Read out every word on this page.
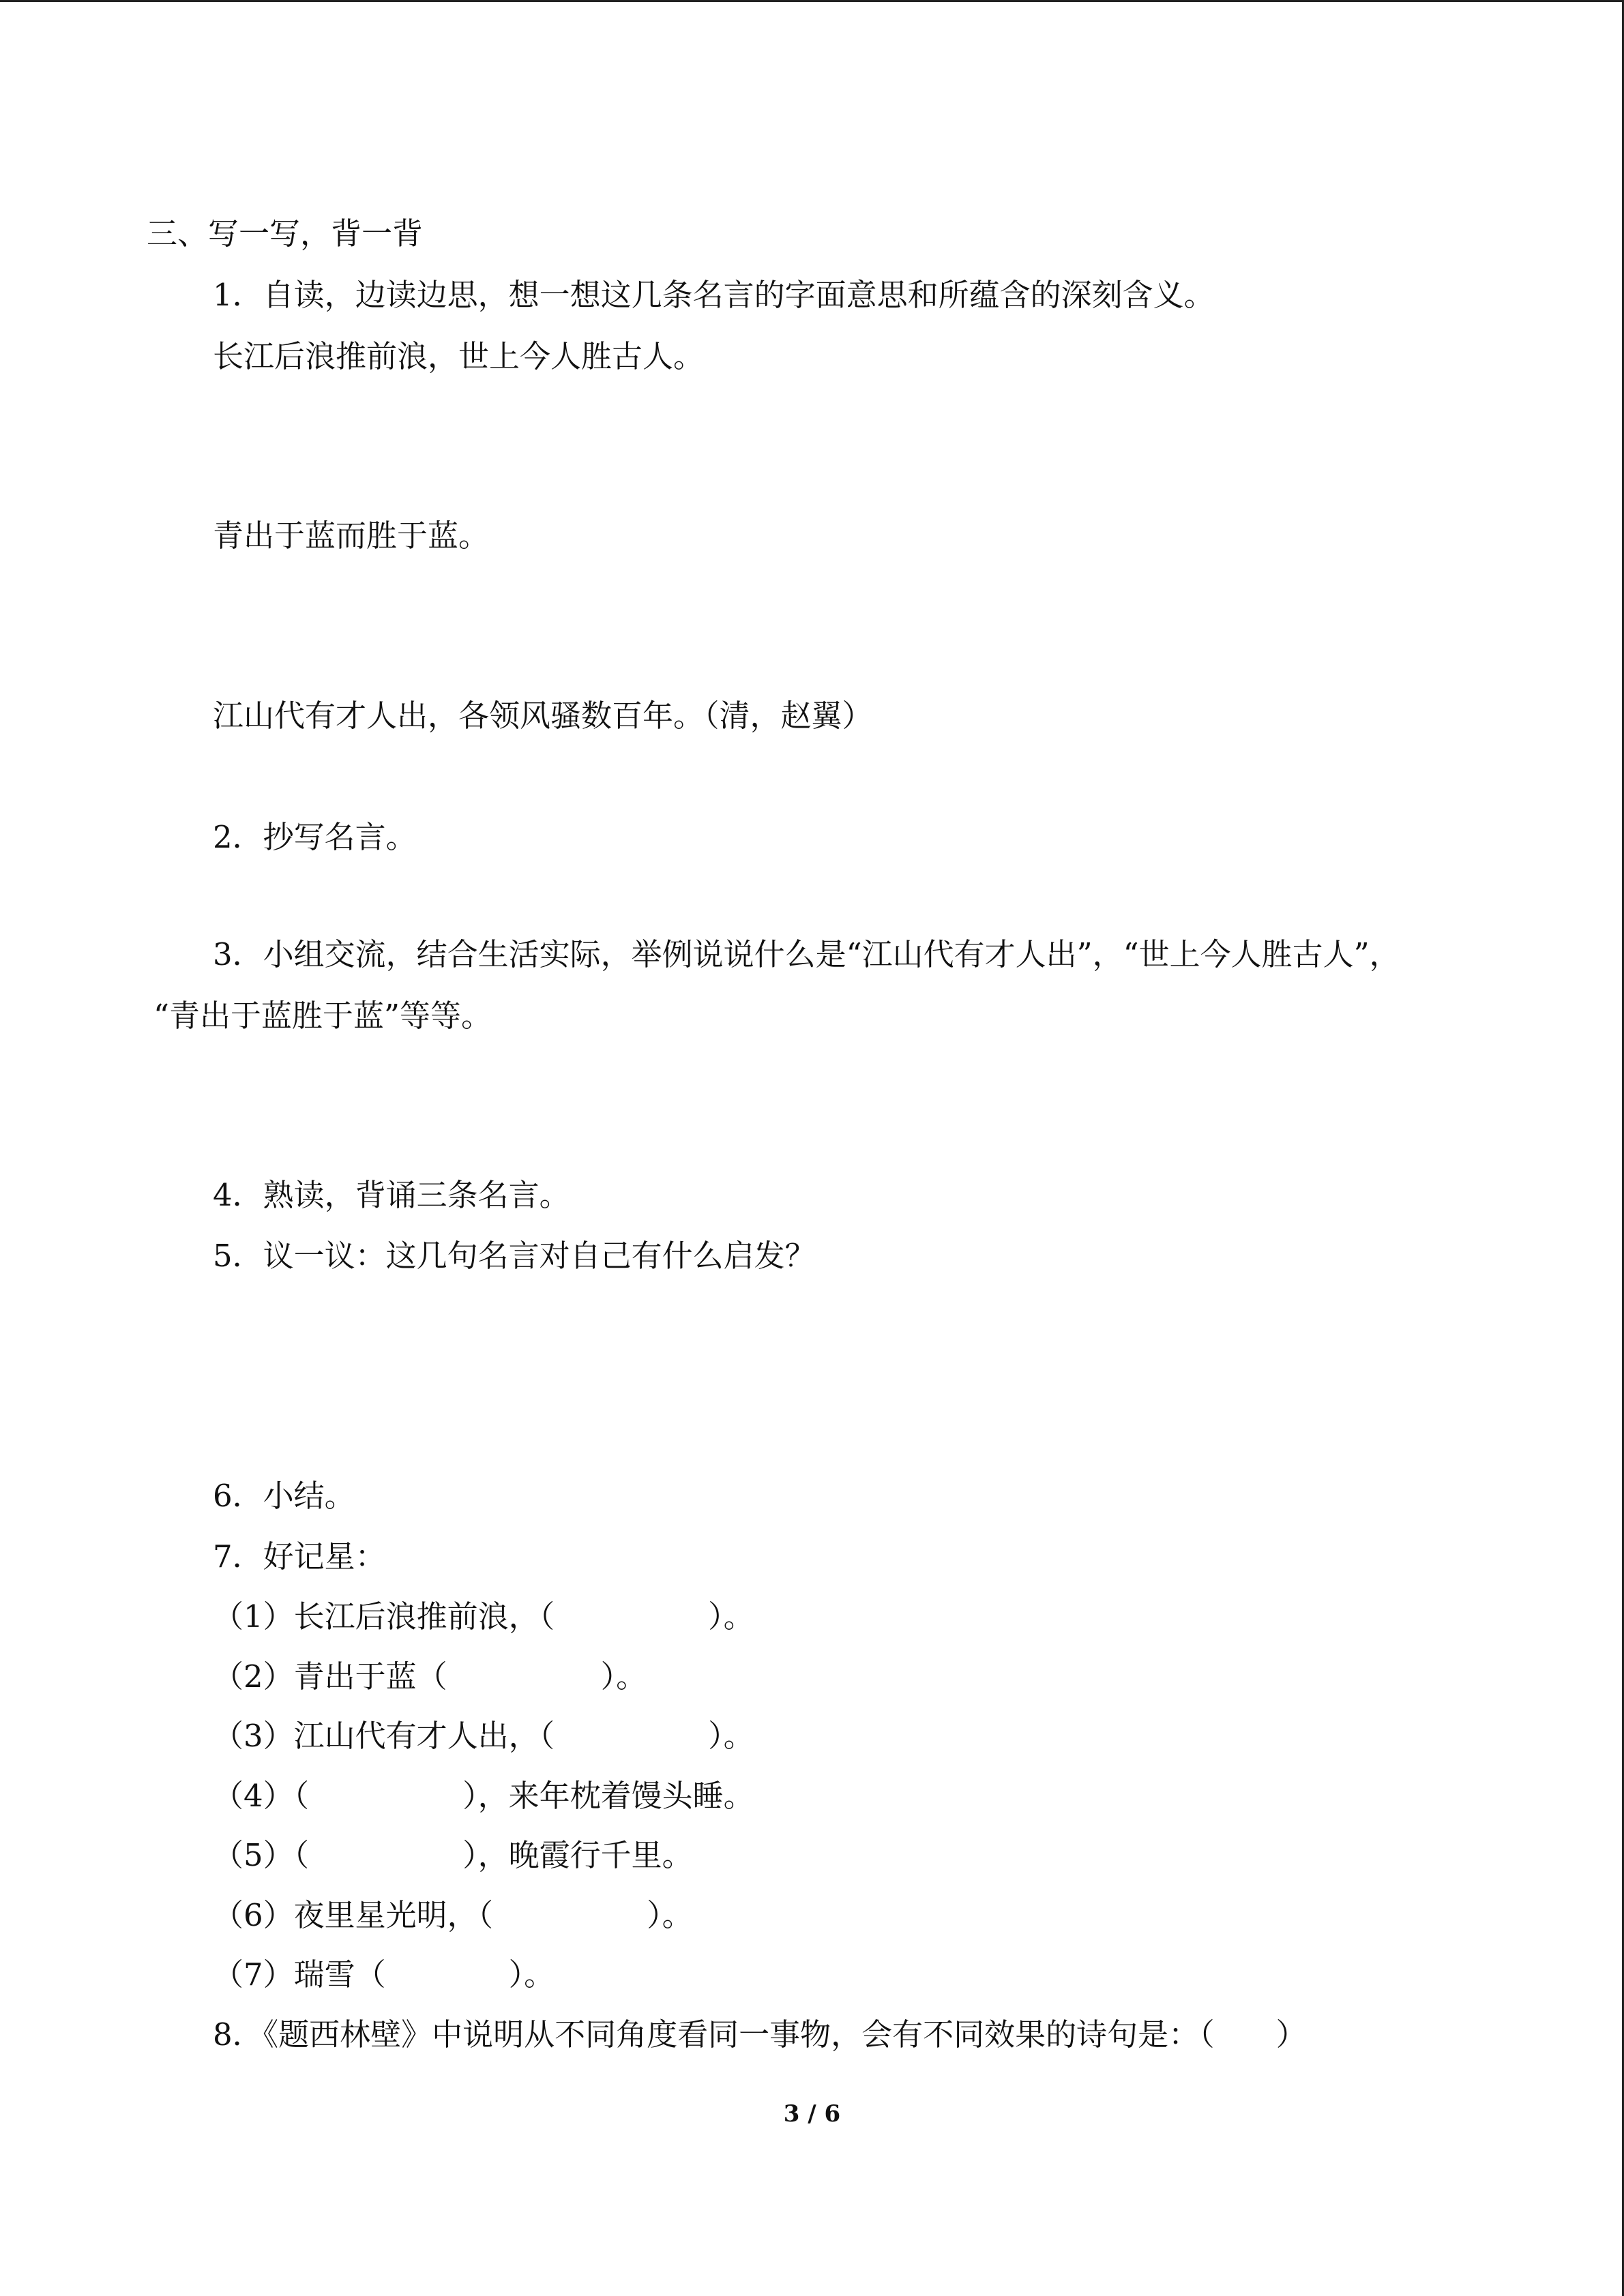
三、写一写，背一背
1．自读，边读边思，想一想这几条名言的字面意思和所蕴含的深刻含义。
长江后浪推前浪，世上今人胜古人。
青出于蓝而胜于蓝。
江山代有才人出，各领风骚数百年。（清，赵翼）
2．抄写名言。
3．小组交流，结合生活实际，举例说说什么是“江山代有才人出”，“世上今人胜古人”，
“青出于蓝胜于蓝”等等。
4．熟读，背诵三条名言。
5．议一议：这几句名言对自己有什么启发？
6．小结。
7．好记星：
（1）长江后浪推前浪，（　　　　　）。
（2）青出于蓝（　　　　　）。
（3）江山代有才人出，（　　　　　）。
（4）（　　　　　），来年枕着馒头睡。
（5）（　　　　　），晚霞行千里。
（6）夜里星光明，（　　　　　）。
（7）瑞雪（　　　　）。
8．《题西林壁》中说明从不同角度看同一事物，会有不同效果的诗句是：（　　）
3 / 6
